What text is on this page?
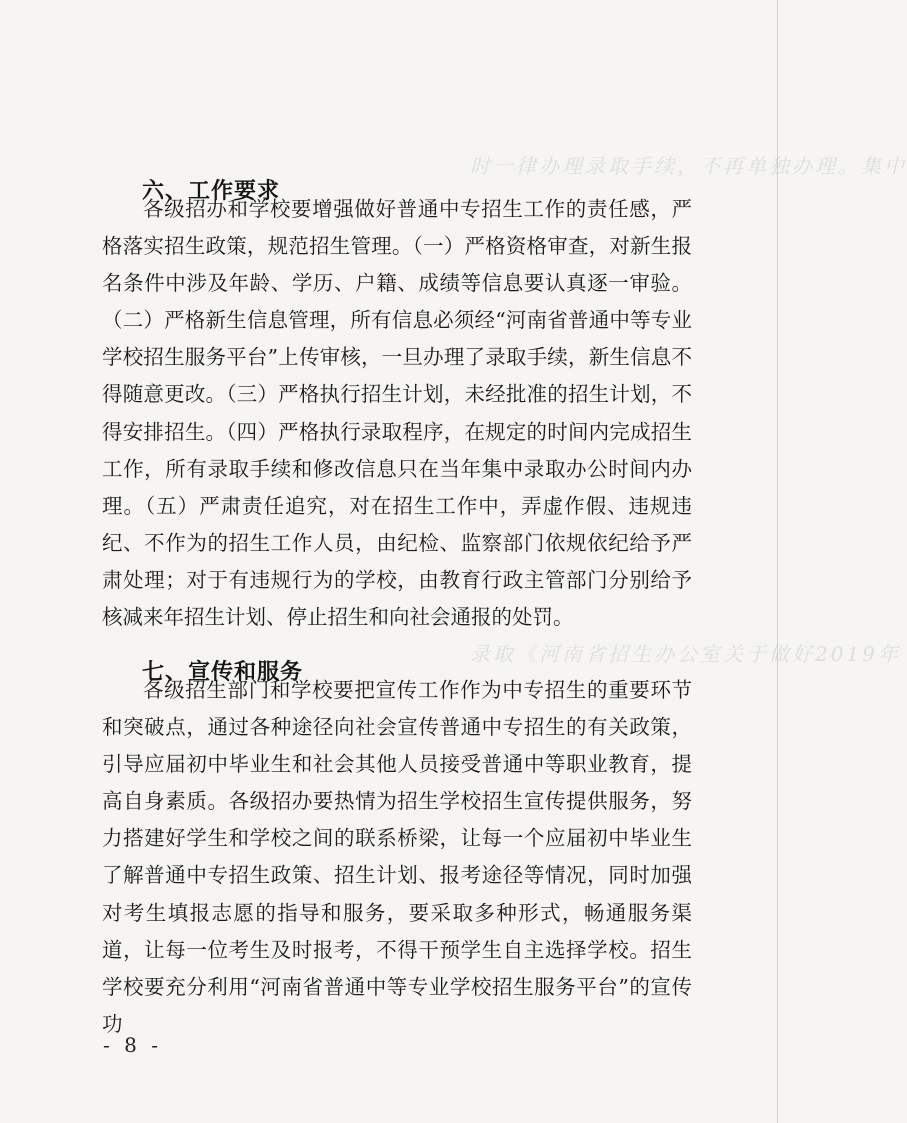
时一律办理录取手续，不再单独办理。集中
录取《河南省招生办公室关于做好2019年
六、工作要求

各级招办和学校要增强做好普通中专招生工作的责任感，严格落实招生政策，规范招生管理。（一）严格资格审查，对新生报名条件中涉及年龄、学历、户籍、成绩等信息要认真逐一审验。（二）严格新生信息管理，所有信息必须经“河南省普通中等专业学校招生服务平台”上传审核，一旦办理了录取手续，新生信息不得随意更改。（三）严格执行招生计划，未经批准的招生计划，不得安排招生。（四）严格执行录取程序，在规定的时间内完成招生工作，所有录取手续和修改信息只在当年集中录取办公时间内办理。（五）严肃责任追究，对在招生工作中，弄虚作假、违规违纪、不作为的招生工作人员，由纪检、监察部门依规依纪给予严肃处理；对于有违规行为的学校，由教育行政主管部门分别给予核减来年招生计划、停止招生和向社会通报的处罚。

七、宣传和服务

各级招生部门和学校要把宣传工作作为中专招生的重要环节和突破点，通过各种途径向社会宣传普通中专招生的有关政策，引导应届初中毕业生和社会其他人员接受普通中等职业教育，提高自身素质。各级招办要热情为招生学校招生宣传提供服务，努力搭建好学生和学校之间的联系桥梁，让每一个应届初中毕业生了解普通中专招生政策、招生计划、报考途径等情况，同时加强对考生填报志愿的指导和服务，要采取多种形式，畅通服务渠道，让每一位考生及时报考，不得干预学生自主选择学校。招生学校要充分利用“河南省普通中等专业学校招生服务平台”的宣传功

- 8 -
